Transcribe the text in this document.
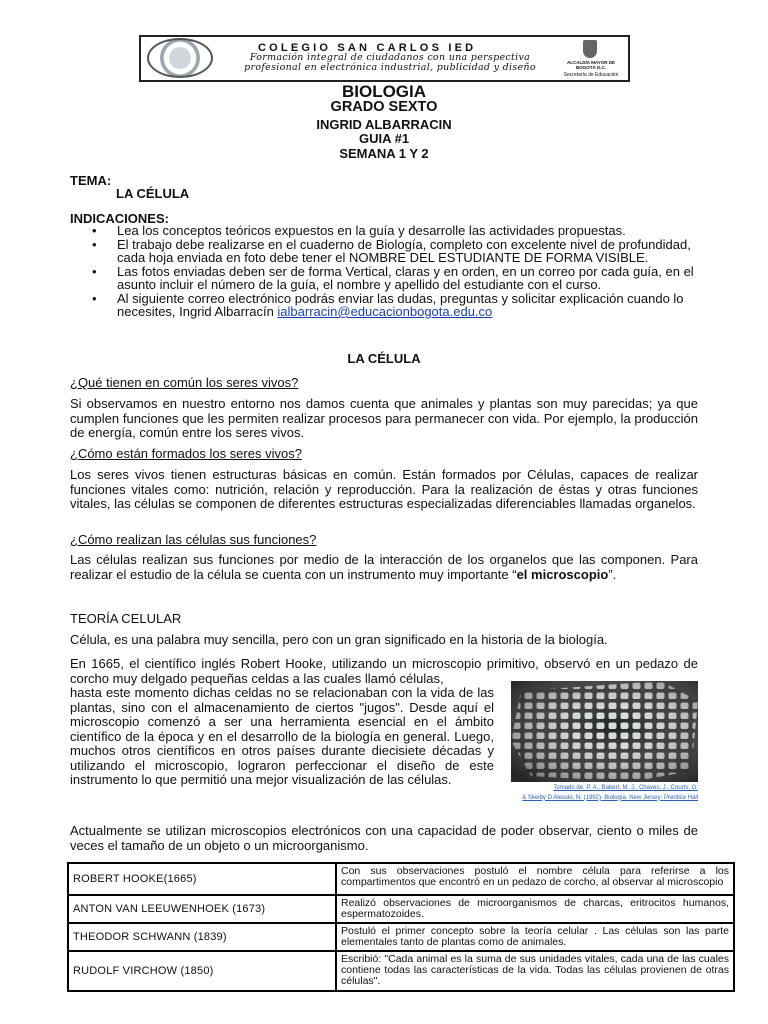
COLEGIO SAN CARLOS IED
Formación integral de ciudadanos con una perspectiva
profesional en electrónica industrial, publicidad y diseño	ALCALDÍA MAYOR DE BOGOTÁ D.C.
Secretaría de Educación
BIOLOGIA
GRADO SEXTO
INGRID ALBARRACIN
GUIA #1
SEMANA 1 Y 2
TEMA:
LA CÉLULA
INDICACIONES:
• Lea los conceptos teóricos expuestos en la guía y desarrolle las actividades propuestas.
• El trabajo debe realizarse en el cuaderno de Biología, completo con excelente nivel de profundidad, cada hoja enviada en foto debe tener el NOMBRE DEL ESTUDIANTE DE FORMA VISIBLE.
• Las fotos enviadas deben ser de forma Vertical, claras y en orden, en un correo por cada guía, en el asunto incluir el número de la guía, el nombre y apellido del estudiante con el curso.
• Al siguiente correo electrónico podrás enviar las dudas, preguntas y solicitar explicación cuando lo necesites, Ingrid Albarracín ialbarracin@educacionbogota.edu.co
LA CÉLULA
¿Qué tienen en común los seres vivos?
Si observamos en nuestro entorno nos damos cuenta que animales y plantas son muy parecidas; ya que cumplen funciones que les permiten realizar procesos para permanecer con vida. Por ejemplo, la producción de energía, común entre los seres vivos.
¿Cómo están formados los seres vivos?
Los seres vivos tienen estructuras básicas en común. Están formados por Células, capaces de realizar funciones vitales como: nutrición, relación y reproducción. Para la realización de éstas y otras funciones vitales, las células se componen de diferentes estructuras especializadas diferenciables llamadas organelos.
¿Cómo realizan las células sus funciones?
Las células realizan sus funciones por medio de la interacción de los organelos que las componen. Para realizar el estudio de la célula se cuenta con un instrumento muy importante “el microscopio”.
TEORÍA CELULAR
Célula, es una palabra muy sencilla, pero con un gran significado en la historia de la biología.
En 1665, el científico inglés Robert Hooke, utilizando un microscopio primitivo, observó en un pedazo de corcho muy delgado pequeñas celdas a las cuales llamó células,
hasta este momento dichas celdas no se relacionaban con la vida de las plantas, sino con el almacenamiento de ciertos "jugos". Desde aquí el microscopio comenzó a ser una herramienta esencial en el ámbito científico de la época y en el desarrollo de la biología en general. Luego, muchos otros científicos en otros países durante diecisiete décadas y utilizando el microscopio, lograron perfeccionar el diseño de este instrumento lo que permitió una mejor visualización de las células.
Tomado de: P. A., Babert, M. J., Chaves, J., Courts, G.
& Skelby D Alessio, N. (1992). Biología. New Jersey: Prentice Hall
Actualmente se utilizan microscopios electrónicos con una capacidad de poder observar, ciento o miles de veces el tamaño de un objeto o un microorganismo.
ROBERT HOOKE(1665)	Con sus observaciones postuló el nombre célula para referirse a los compartimentos que encontró en un pedazo de corcho, al observar al microscopio
ANTON VAN LEEUWENHOEK (1673)	Realizó observaciones de microorganismos de charcas, eritrocitos humanos, espermatozoides.
THEODOR SCHWANN (1839)	Postuló el primer concepto sobre la teoría celular . Las células son las parte elementales tanto de plantas como de animales.
RUDOLF VIRCHOW (1850)	Escribió: "Cada animal es la suma de sus unidades vitales, cada una de las cuales contiene todas las características de la vida. Todas las células provienen de otras células".
